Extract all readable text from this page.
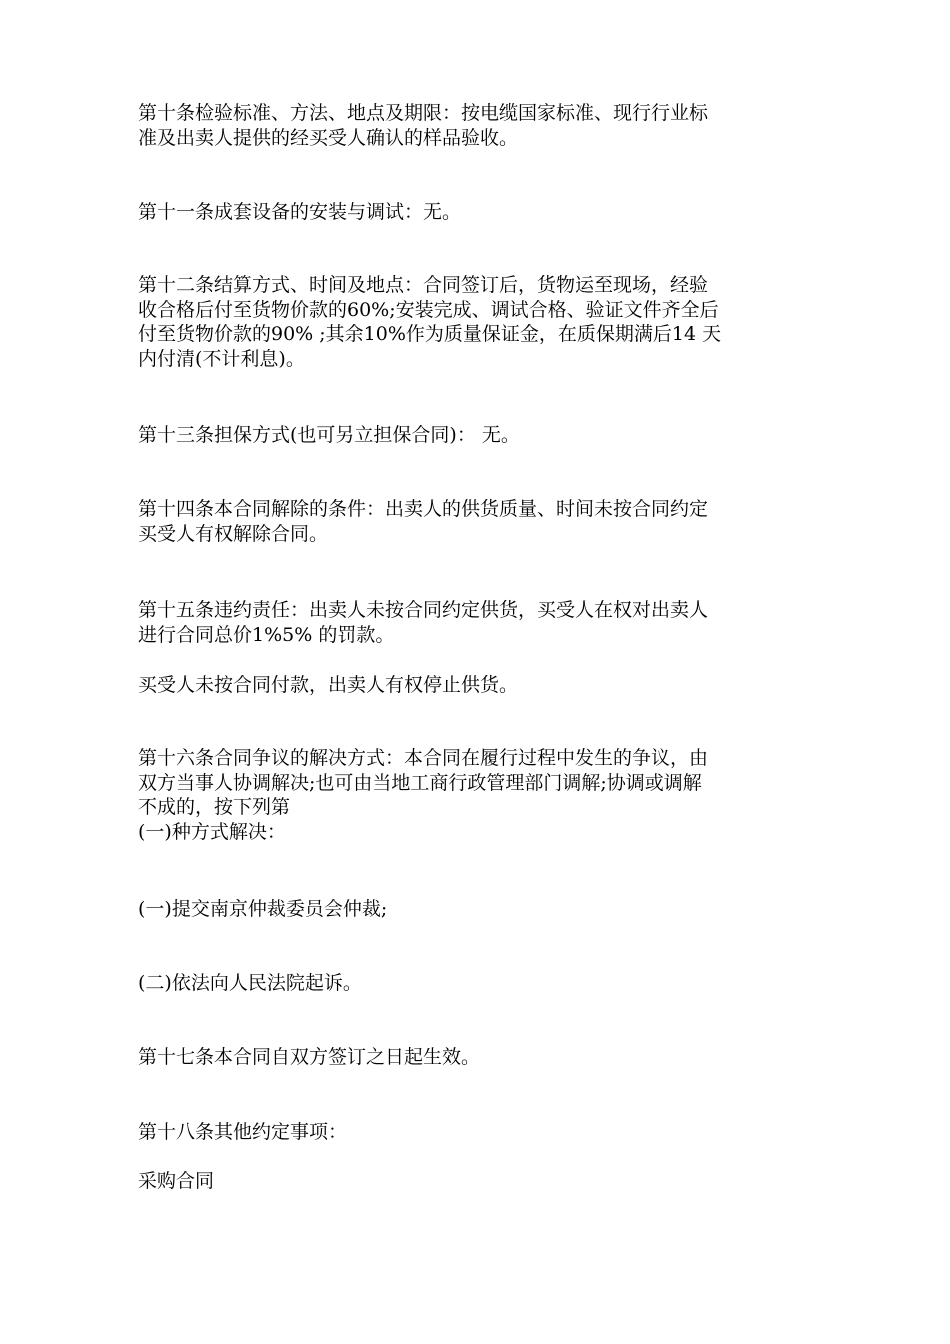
第十条检验标准、方法、地点及期限：按电缆国家标准、现行行业标
准及出卖人提供的经买受人确认的样品验收。

第十一条成套设备的安装与调试：无。

第十二条结算方式、时间及地点：合同签订后，货物运至现场，经验
收合格后付至货物价款的60%;安装完成、调试合格、验证文件齐全后
付至货物价款的90% ;其余10%作为质量保证金，在质保期满后14 天
内付清(不计利息)。

第十三条担保方式(也可另立担保合同)： 无。

第十四条本合同解除的条件：出卖人的供货质量、时间未按合同约定
买受人有权解除合同。

第十五条违约责任：出卖人未按合同约定供货，买受人在权对出卖人
进行合同总价1%5% 的罚款。

买受人未按合同付款，出卖人有权停止供货。

第十六条合同争议的解决方式：本合同在履行过程中发生的争议，由
双方当事人协调解决;也可由当地工商行政管理部门调解;协调或调解
不成的，按下列第
(一)种方式解决：

(一)提交南京仲裁委员会仲裁;

(二)依法向人民法院起诉。

第十七条本合同自双方签订之日起生效。

第十八条其他约定事项：

采购合同
